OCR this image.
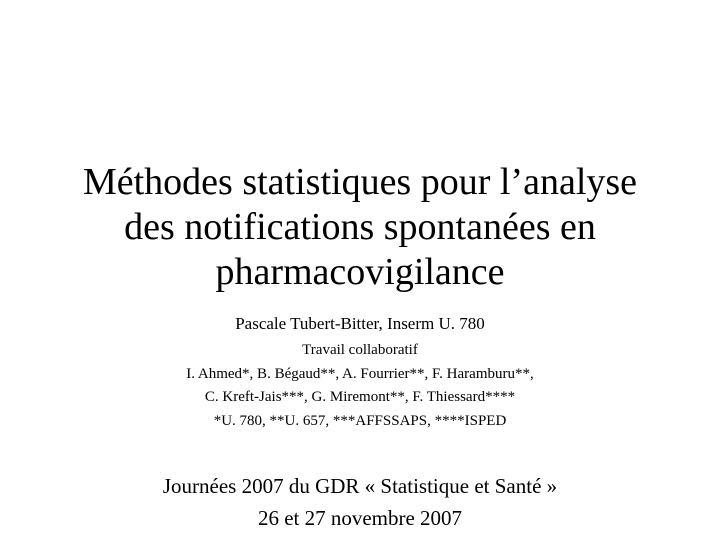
Méthodes statistiques pour l’analyse
des notifications spontanées en
pharmacovigilance
Pascale Tubert-Bitter, Inserm U. 780
Travail collaboratif
I. Ahmed*, B. Bégaud**, A. Fourrier**, F. Haramburu**,
C. Kreft-Jais***, G. Miremont**, F. Thiessard****
*U. 780, **U. 657, ***AFFSSAPS, ****ISPED
Journées 2007 du GDR « Statistique et Santé »
26 et 27 novembre 2007
